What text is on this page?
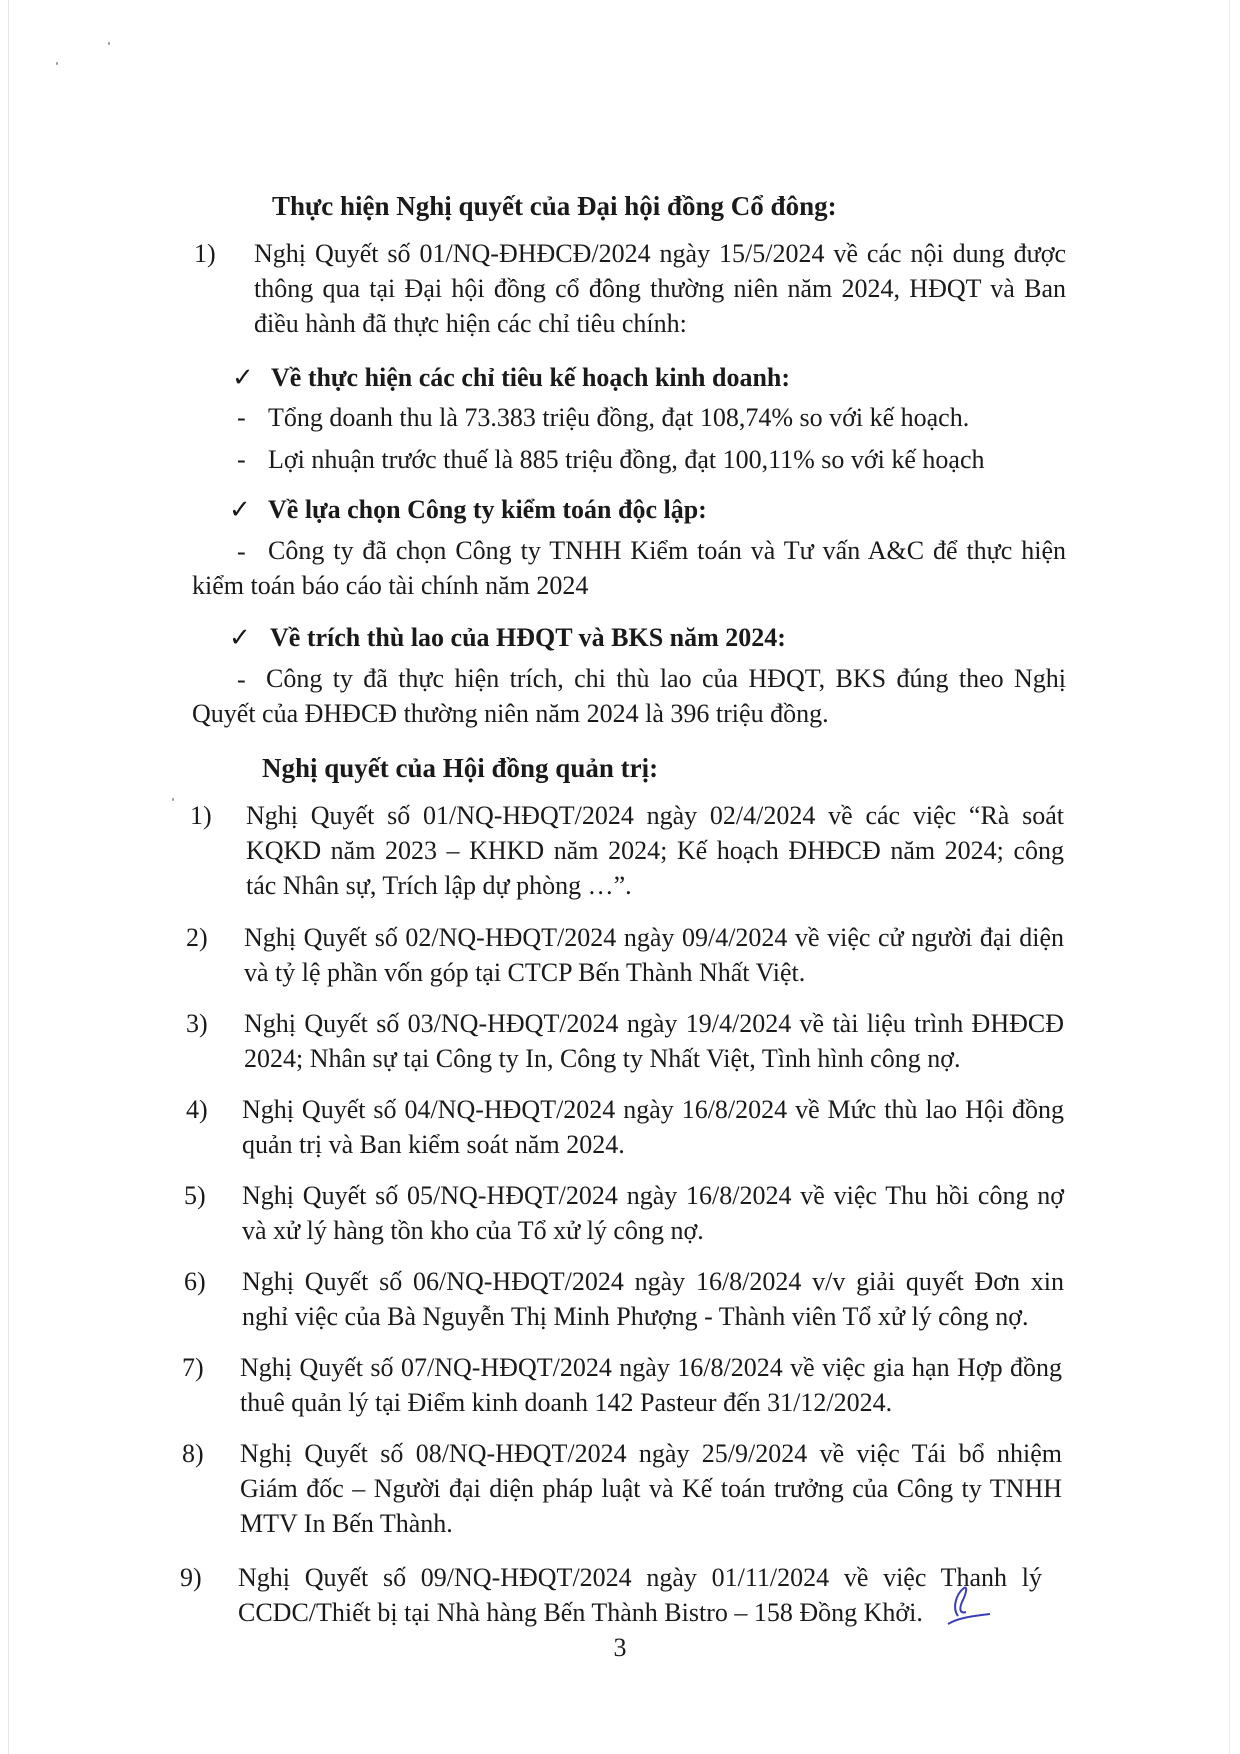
Thực hiện Nghị quyết của Đại hội đồng Cổ đông:
1) Nghị Quyết số 01/NQ-ĐHĐCĐ/2024 ngày 15/5/2024 về các nội dung được thông qua tại Đại hội đồng cổ đông thường niên năm 2024, HĐQT và Ban điều hành đã thực hiện các chỉ tiêu chính:
✓ Về thực hiện các chỉ tiêu kế hoạch kinh doanh:
- Tổng doanh thu là 73.383 triệu đồng, đạt 108,74% so với kế hoạch.
- Lợi nhuận trước thuế là 885 triệu đồng, đạt 100,11% so với kế hoạch
✓ Về lựa chọn Công ty kiểm toán độc lập:
- Công ty đã chọn Công ty TNHH Kiểm toán và Tư vấn A&C để thực hiện kiểm toán báo cáo tài chính năm 2024
✓ Về trích thù lao của HĐQT và BKS năm 2024:
- Công ty đã thực hiện trích, chi thù lao của HĐQT, BKS đúng theo Nghị Quyết của ĐHĐCĐ thường niên năm 2024 là 396 triệu đồng.
Nghị quyết của Hội đồng quản trị:
1) Nghị Quyết số 01/NQ-HĐQT/2024 ngày 02/4/2024 về các việc “Rà soát KQKD năm 2023 – KHKD năm 2024; Kế hoạch ĐHĐCĐ năm 2024; công tác Nhân sự, Trích lập dự phòng …”.
2) Nghị Quyết số 02/NQ-HĐQT/2024 ngày 09/4/2024 về việc cử người đại diện và tỷ lệ phần vốn góp tại CTCP Bến Thành Nhất Việt.
3) Nghị Quyết số 03/NQ-HĐQT/2024 ngày 19/4/2024 về tài liệu trình ĐHĐCĐ 2024; Nhân sự tại Công ty In, Công ty Nhất Việt, Tình hình công nợ.
4) Nghị Quyết số 04/NQ-HĐQT/2024 ngày 16/8/2024 về Mức thù lao Hội đồng quản trị và Ban kiểm soát năm 2024.
5) Nghị Quyết số 05/NQ-HĐQT/2024 ngày 16/8/2024 về việc Thu hồi công nợ và xử lý hàng tồn kho của Tổ xử lý công nợ.
6) Nghị Quyết số 06/NQ-HĐQT/2024 ngày 16/8/2024 v/v giải quyết Đơn xin nghỉ việc của Bà Nguyễn Thị Minh Phượng - Thành viên Tổ xử lý công nợ.
7) Nghị Quyết số 07/NQ-HĐQT/2024 ngày 16/8/2024 về việc gia hạn Hợp đồng thuê quản lý tại Điểm kinh doanh 142 Pasteur đến 31/12/2024.
8) Nghị Quyết số 08/NQ-HĐQT/2024 ngày 25/9/2024 về việc Tái bổ nhiệm Giám đốc – Người đại diện pháp luật và Kế toán trưởng của Công ty TNHH MTV In Bến Thành.
9) Nghị Quyết số 09/NQ-HĐQT/2024 ngày 01/11/2024 về việc Thanh lý CCDC/Thiết bị tại Nhà hàng Bến Thành Bistro – 158 Đồng Khởi.
3
